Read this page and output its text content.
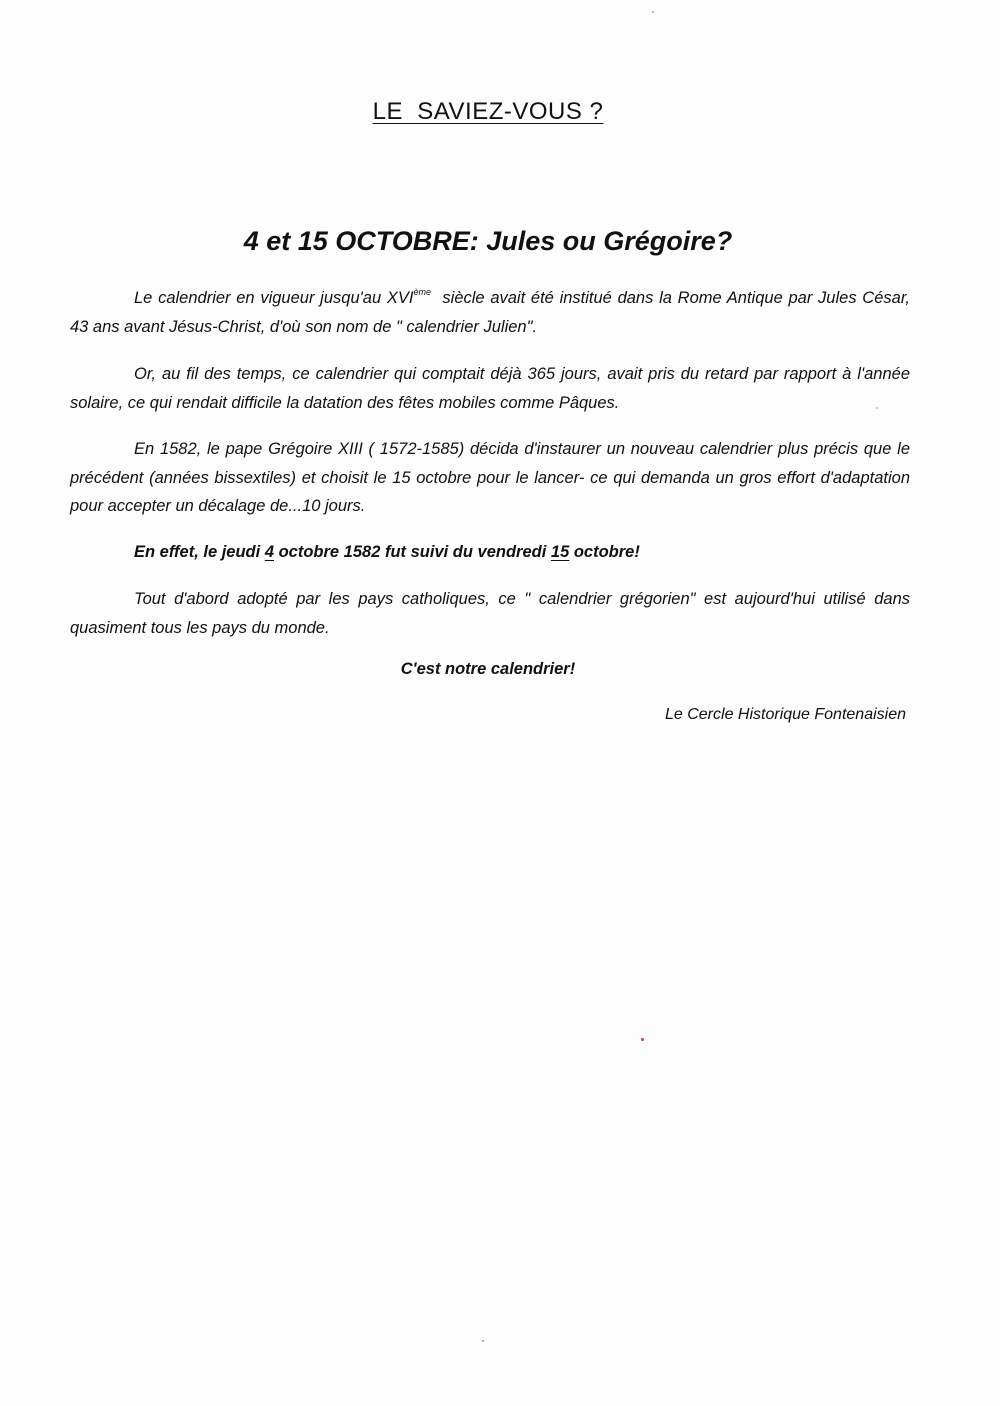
LE  SAVIEZ-VOUS ?
4 et 15 OCTOBRE: Jules ou Grégoire?

Le calendrier en vigueur jusqu'au XVIème  siècle avait été institué dans la Rome Antique par Jules César, 43 ans avant Jésus-Christ, d'où son nom de " calendrier Julien".

Or, au fil des temps, ce calendrier qui comptait déjà 365 jours, avait pris du retard par rapport à l'année solaire, ce qui rendait difficile la datation des fêtes mobiles comme Pâques.

En 1582, le pape Grégoire XIII ( 1572-1585) décida d'instaurer un nouveau calendrier plus précis que le précédent (années bissextiles) et choisit le 15 octobre pour le lancer- ce qui demanda un gros effort d'adaptation pour accepter un décalage de...10 jours.

En effet, le jeudi 4 octobre 1582 fut suivi du vendredi 15 octobre!

Tout d'abord adopté par les pays catholiques, ce " calendrier grégorien" est aujourd'hui utilisé dans quasiment tous les pays du monde.

C'est notre calendrier!
Le Cercle Historique Fontenaisien
